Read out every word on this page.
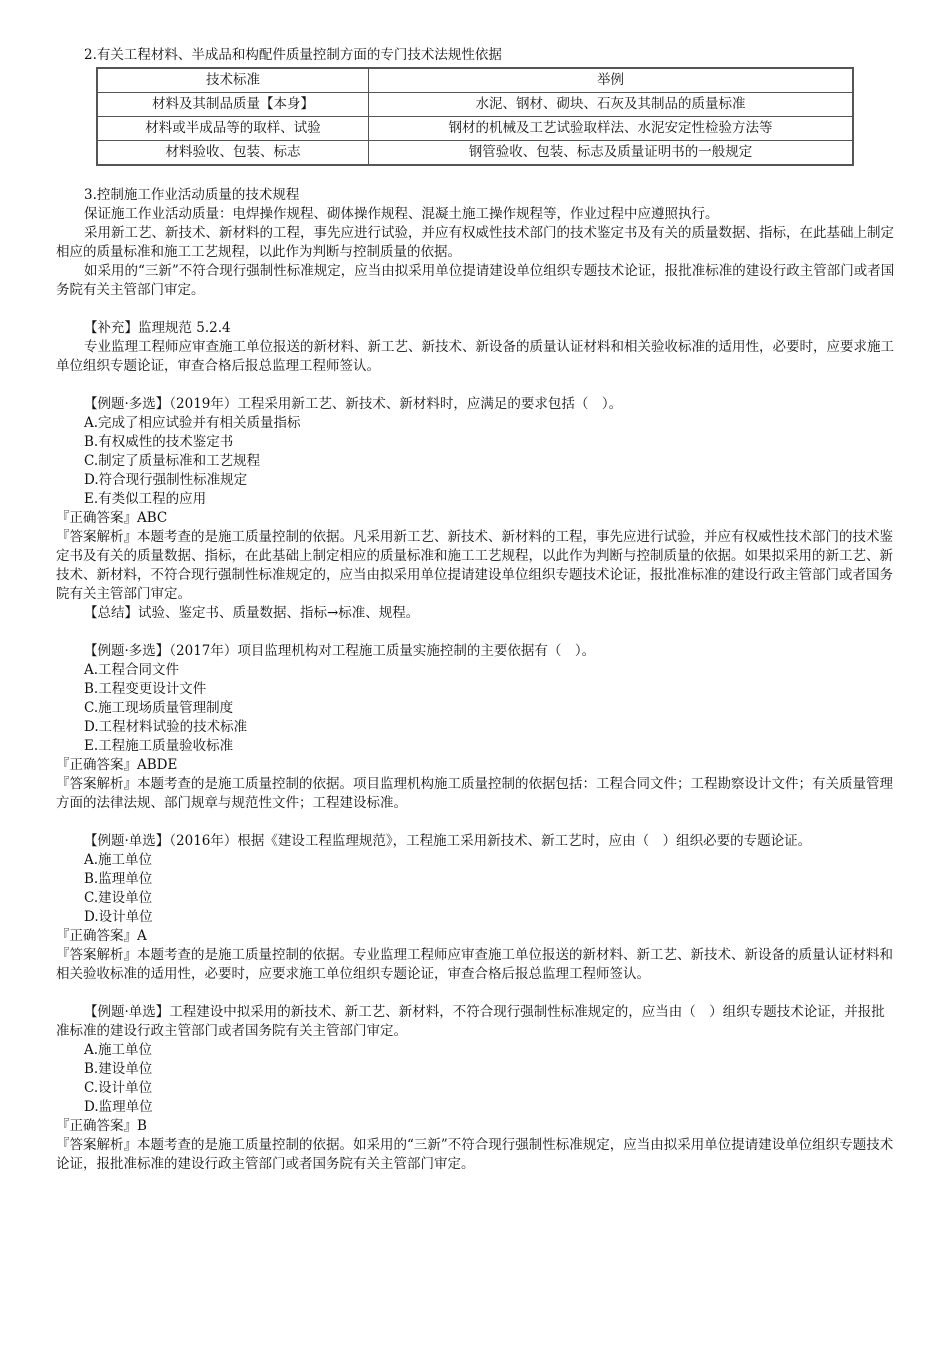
2.有关工程材料、半成品和构配件质量控制方面的专门技术法规性依据

技术标准	举例
材料及其制品质量【本身】	水泥、钢材、砌块、石灰及其制品的质量标准
材料或半成品等的取样、试验	钢材的机械及工艺试验取样法、水泥安定性检验方法等
材料验收、包装、标志	钢管验收、包装、标志及质量证明书的一般规定

3.控制施工作业活动质量的技术规程

保证施工作业活动质量：电焊操作规程、砌体操作规程、混凝土施工操作规程等，作业过程中应遵照执行。

采用新工艺、新技术、新材料的工程，事先应进行试验，并应有权威性技术部门的技术鉴定书及有关的质量数据、指标，在此基础上制定相应的质量标准和施工工艺规程，以此作为判断与控制质量的依据。

如采用的“三新”不符合现行强制性标准规定，应当由拟采用单位提请建设单位组织专题技术论证，报批准标准的建设行政主管部门或者国务院有关主管部门审定。

【补充】监理规范 5.2.4

专业监理工程师应审查施工单位报送的新材料、新工艺、新技术、新设备的质量认证材料和相关验收标准的适用性，必要时，应要求施工单位组织专题论证，审查合格后报总监理工程师签认。

【例题·多选】（2019年）工程采用新工艺、新技术、新材料时，应满足的要求包括（　）。

A.完成了相应试验并有相关质量指标

B.有权威性的技术鉴定书

C.制定了质量标准和工艺规程

D.符合现行强制性标准规定

E.有类似工程的应用

『正确答案』ABC

『答案解析』本题考查的是施工质量控制的依据。凡采用新工艺、新技术、新材料的工程，事先应进行试验，并应有权威性技术部门的技术鉴定书及有关的质量数据、指标，在此基础上制定相应的质量标准和施工工艺规程，以此作为判断与控制质量的依据。如果拟采用的新工艺、新技术、新材料，不符合现行强制性标准规定的，应当由拟采用单位提请建设单位组织专题技术论证，报批准标准的建设行政主管部门或者国务院有关主管部门审定。

【总结】试验、鉴定书、质量数据、指标→标准、规程。

【例题·多选】（2017年）项目监理机构对工程施工质量实施控制的主要依据有（　）。

A.工程合同文件

B.工程变更设计文件

C.施工现场质量管理制度

D.工程材料试验的技术标准

E.工程施工质量验收标准

『正确答案』ABDE

『答案解析』本题考查的是施工质量控制的依据。项目监理机构施工质量控制的依据包括：工程合同文件；工程勘察设计文件；有关质量管理方面的法律法规、部门规章与规范性文件；工程建设标准。

【例题·单选】（2016年）根据《建设工程监理规范》，工程施工采用新技术、新工艺时，应由（　）组织必要的专题论证。

A.施工单位

B.监理单位

C.建设单位

D.设计单位

『正确答案』A

『答案解析』本题考查的是施工质量控制的依据。专业监理工程师应审查施工单位报送的新材料、新工艺、新技术、新设备的质量认证材料和相关验收标准的适用性，必要时，应要求施工单位组织专题论证，审查合格后报总监理工程师签认。

【例题·单选】工程建设中拟采用的新技术、新工艺、新材料，不符合现行强制性标准规定的，应当由（　）组织专题技术论证，并报批准标准的建设行政主管部门或者国务院有关主管部门审定。

A.施工单位

B.建设单位

C.设计单位

D.监理单位

『正确答案』B

『答案解析』本题考查的是施工质量控制的依据。如采用的“三新”不符合现行强制性标准规定，应当由拟采用单位提请建设单位组织专题技术论证，报批准标准的建设行政主管部门或者国务院有关主管部门审定。
